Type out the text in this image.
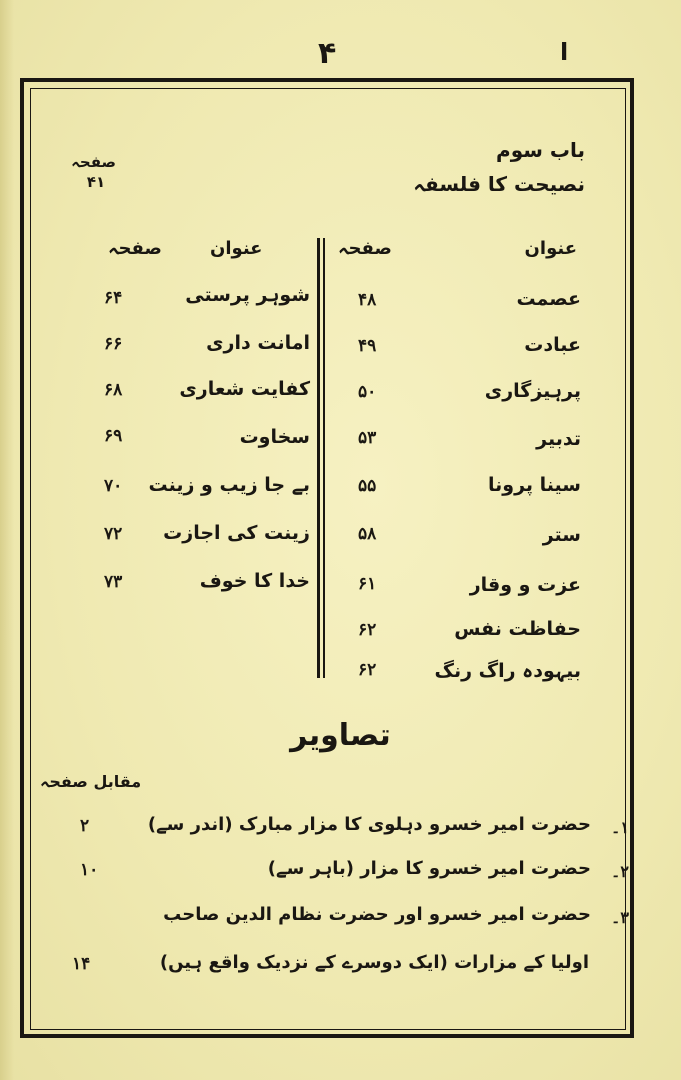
۴	ا
باب سوم
نصیحت کا فلسفہ
صفحہ
۴۱
عنوان
صفحہ
عنوان
صفحہ
عصمت
۴۸
عبادت
۴۹
پرہیزگاری
۵۰
تدبیر
۵۳
سینا پرونا
۵۵
ستر
۵۸
عزت و وقار
۶۱
حفاظت نفس
۶۲
بیہودہ راگ رنگ
۶۲
شوہر پرستی
۶۴
امانت داری
۶۶
کفایت شعاری
۶۸
سخاوت
۶۹
بے جا زیب و زینت
۷۰
زینت کی اجازت
۷۲
خدا کا خوف
۷۳
تصاویر
مقابل صفحہ
۱۔
حضرت امیر خسرو دہلوی کا مزار مبارک (اندر سے)
۲
۲۔
حضرت امیر خسرو کا مزار (باہر سے)
۱۰
۳۔
حضرت امیر خسرو اور حضرت نظام الدین صاحب
اولیا کے مزارات (ایک دوسرے کے نزدیک واقع ہیں)
۱۴
